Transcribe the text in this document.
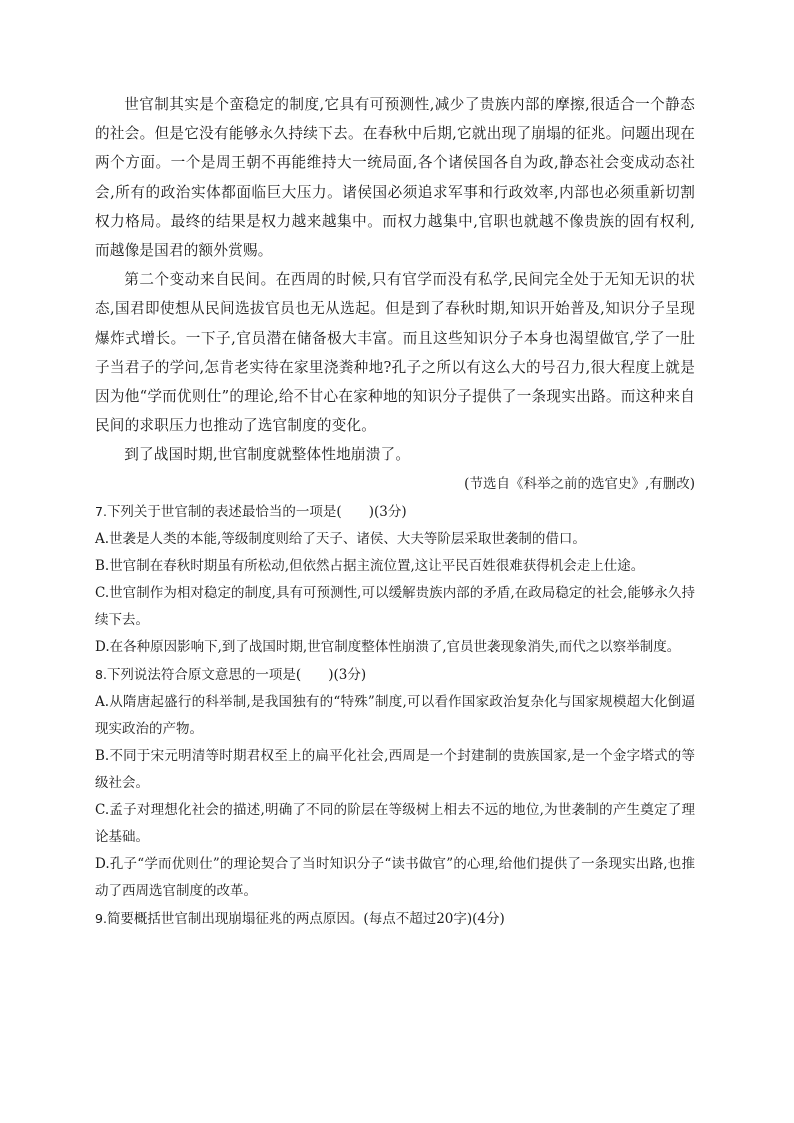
世官制其实是个蛮稳定的制度,它具有可预测性,减少了贵族内部的摩擦,很适合一个静态的社会。但是它没有能够永久持续下去。在春秋中后期,它就出现了崩塌的征兆。问题出现在两个方面。一个是周王朝不再能维持大一统局面,各个诸侯国各自为政,静态社会变成动态社会,所有的政治实体都面临巨大压力。诸侯国必须追求军事和行政效率,内部也必须重新切割权力格局。最终的结果是权力越来越集中。而权力越集中,官职也就越不像贵族的固有权利,而越像是国君的额外赏赐。

第二个变动来自民间。在西周的时候,只有官学而没有私学,民间完全处于无知无识的状态,国君即使想从民间选拔官员也无从选起。但是到了春秋时期,知识开始普及,知识分子呈现爆炸式增长。一下子,官员潜在储备极大丰富。而且这些知识分子本身也渴望做官,学了一肚子当君子的学问,怎肯老实待在家里浇粪种地?孔子之所以有这么大的号召力,很大程度上就是因为他“学而优则仕”的理论,给不甘心在家种地的知识分子提供了一条现实出路。而这种来自民间的求职压力也推动了选官制度的变化。

到了战国时期,世官制度就整体性地崩溃了。

(节选自《科举之前的选官史》,有删改)

7.下列关于世官制的表述最恰当的一项是(　　)(3分)

A.世袭是人类的本能,等级制度则给了天子、诸侯、大夫等阶层采取世袭制的借口。

B.世官制在春秋时期虽有所松动,但依然占据主流位置,这让平民百姓很难获得机会走上仕途。

C.世官制作为相对稳定的制度,具有可预测性,可以缓解贵族内部的矛盾,在政局稳定的社会,能够永久持续下去。

D.在各种原因影响下,到了战国时期,世官制度整体性崩溃了,官员世袭现象消失,而代之以察举制度。

8.下列说法符合原文意思的一项是(　　)(3分)

A.从隋唐起盛行的科举制,是我国独有的“特殊”制度,可以看作国家政治复杂化与国家规模超大化倒逼现实政治的产物。

B.不同于宋元明清等时期君权至上的扁平化社会,西周是一个封建制的贵族国家,是一个金字塔式的等级社会。

C.孟子对理想化社会的描述,明确了不同的阶层在等级树上相去不远的地位,为世袭制的产生奠定了理论基础。

D.孔子“学而优则仕”的理论契合了当时知识分子“读书做官”的心理,给他们提供了一条现实出路,也推动了西周选官制度的改革。

9.简要概括世官制出现崩塌征兆的两点原因。(每点不超过20字)(4分)
